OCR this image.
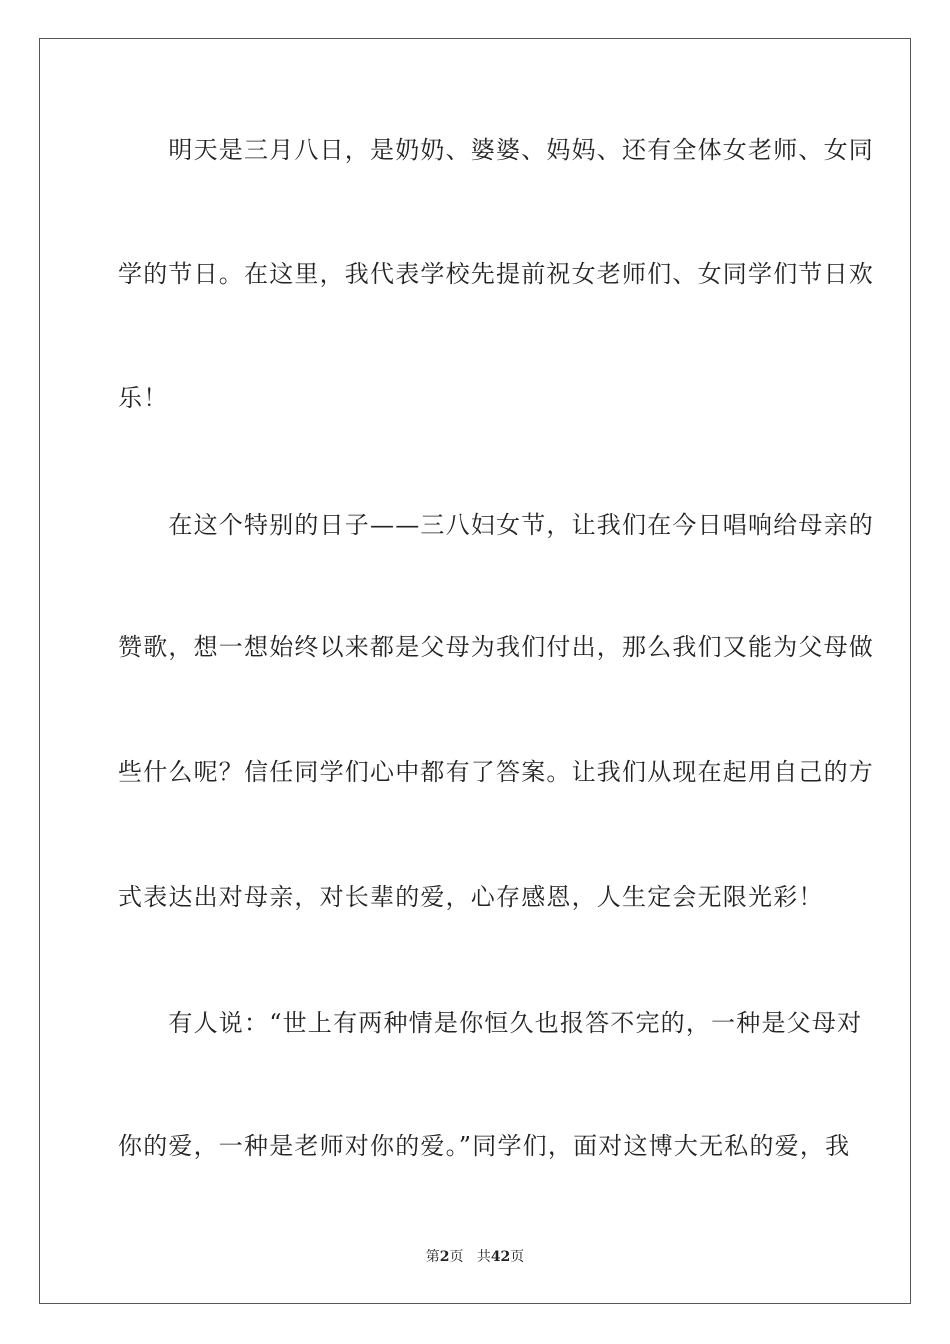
　　明天是三月八日，是奶奶、婆婆、妈妈、还有全体女老师、女同
学的节日。在这里，我代表学校先提前祝女老师们、女同学们节日欢
乐！
　　在这个特别的日子——三八妇女节，让我们在今日唱响给母亲的
赞歌，想一想始终以来都是父母为我们付出，那么我们又能为父母做
些什么呢？信任同学们心中都有了答案。让我们从现在起用自己的方
式表达出对母亲，对长辈的爱，心存感恩，人生定会无限光彩！
　　有人说：“世上有两种情是你恒久也报答不完的，一种是父母对
你的爱，一种是老师对你的爱。”同学们，面对这博大无私的爱，我
第2页 共42页
